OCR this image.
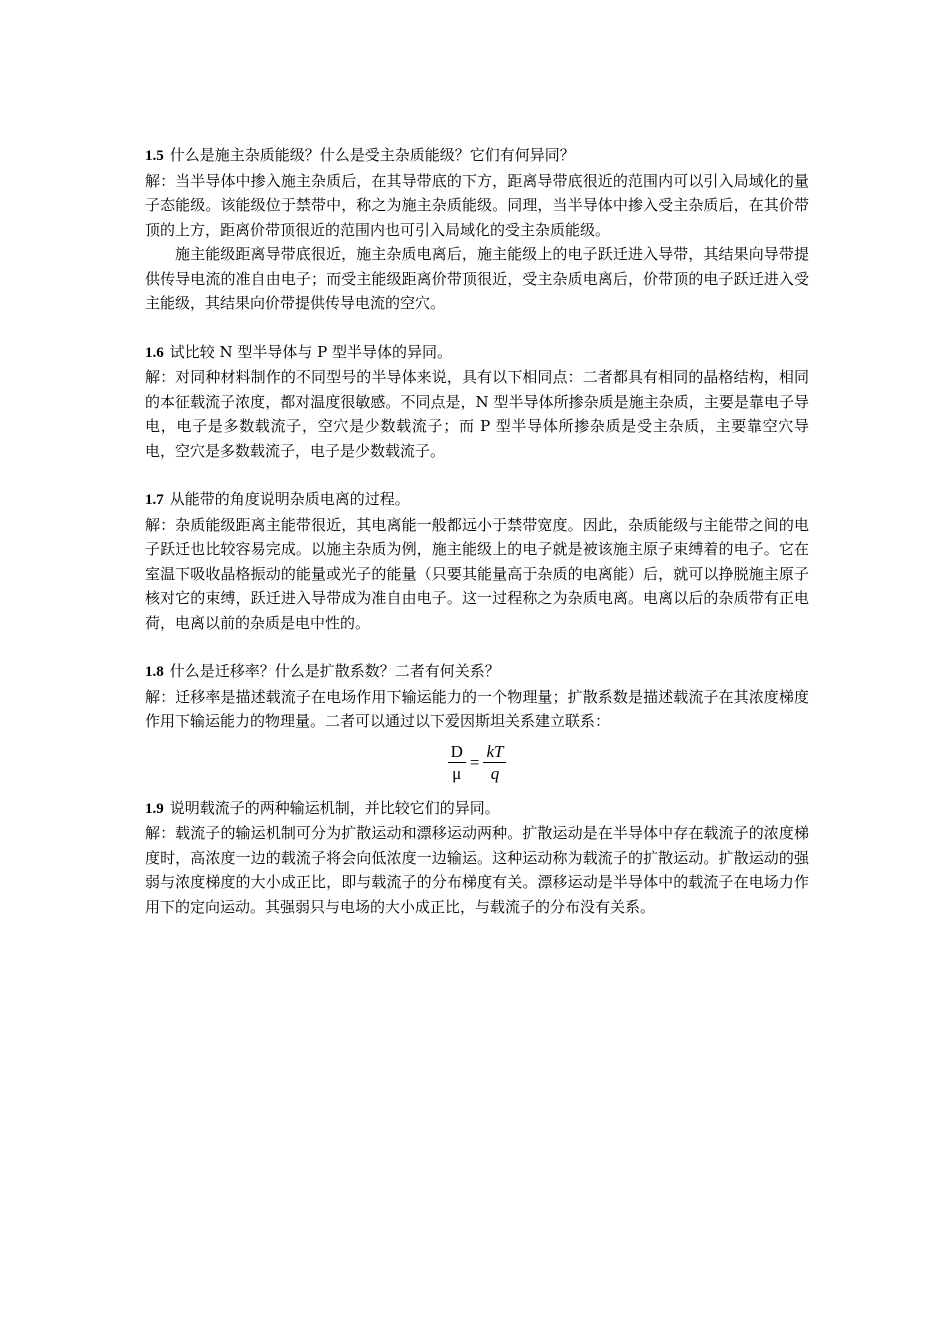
1.5 什么是施主杂质能级？什么是受主杂质能级？它们有何异同？

解：当半导体中掺入施主杂质后，在其导带底的下方，距离导带底很近的范围内可以引入局域化的量子态能级。该能级位于禁带中，称之为施主杂质能级。同理，当半导体中掺入受主杂质后，在其价带顶的上方，距离价带顶很近的范围内也可引入局域化的受主杂质能级。

施主能级距离导带底很近，施主杂质电离后，施主能级上的电子跃迁进入导带，其结果向导带提供传导电流的准自由电子；而受主能级距离价带顶很近，受主杂质电离后，价带顶的电子跃迁进入受主能级，其结果向价带提供传导电流的空穴。

1.6 试比较 N 型半导体与 P 型半导体的异同。

解：对同种材料制作的不同型号的半导体来说，具有以下相同点：二者都具有相同的晶格结构，相同的本征载流子浓度，都对温度很敏感。不同点是，N 型半导体所掺杂质是施主杂质，主要是靠电子导电，电子是多数载流子，空穴是少数载流子；而 P 型半导体所掺杂质是受主杂质，主要靠空穴导电，空穴是多数载流子，电子是少数载流子。

1.7 从能带的角度说明杂质电离的过程。

解：杂质能级距离主能带很近，其电离能一般都远小于禁带宽度。因此，杂质能级与主能带之间的电子跃迁也比较容易完成。以施主杂质为例，施主能级上的电子就是被该施主原子束缚着的电子。它在室温下吸收晶格振动的能量或光子的能量（只要其能量高于杂质的电离能）后，就可以挣脱施主原子核对它的束缚，跃迁进入导带成为准自由电子。这一过程称之为杂质电离。电离以后的杂质带有正电荷，电离以前的杂质是电中性的。

1.8 什么是迁移率？什么是扩散系数？二者有何关系？

解：迁移率是描述载流子在电场作用下输运能力的一个物理量；扩散系数是描述载流子在其浓度梯度作用下输运能力的物理量。二者可以通过以下爱因斯坦关系建立联系：

$\frac{D}{\mu} = \frac{kT}{q}$

1.9 说明载流子的两种输运机制，并比较它们的异同。

解：载流子的输运机制可分为扩散运动和漂移运动两种。扩散运动是在半导体中存在载流子的浓度梯度时，高浓度一边的载流子将会向低浓度一边输运。这种运动称为载流子的扩散运动。扩散运动的强弱与浓度梯度的大小成正比，即与载流子的分布梯度有关。漂移运动是半导体中的载流子在电场力作用下的定向运动。其强弱只与电场的大小成正比，与载流子的分布没有关系。
